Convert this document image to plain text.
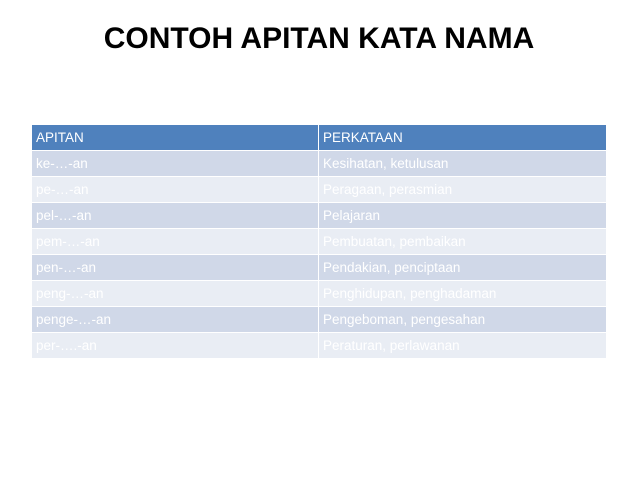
CONTOH APITAN KATA NAMA
APITAN	PERKATAAN
ke-…-an	Kesihatan, ketulusan
pe-…-an	Peragaan, perasmian
pel-…-an	Pelajaran
pem-…-an	Pembuatan, pembaikan
pen-…-an	Pendakian, penciptaan
peng-…-an	Penghidupan, penghadaman
penge-…-an	Pengeboman, pengesahan
per-….-an	Peraturan, perlawanan
